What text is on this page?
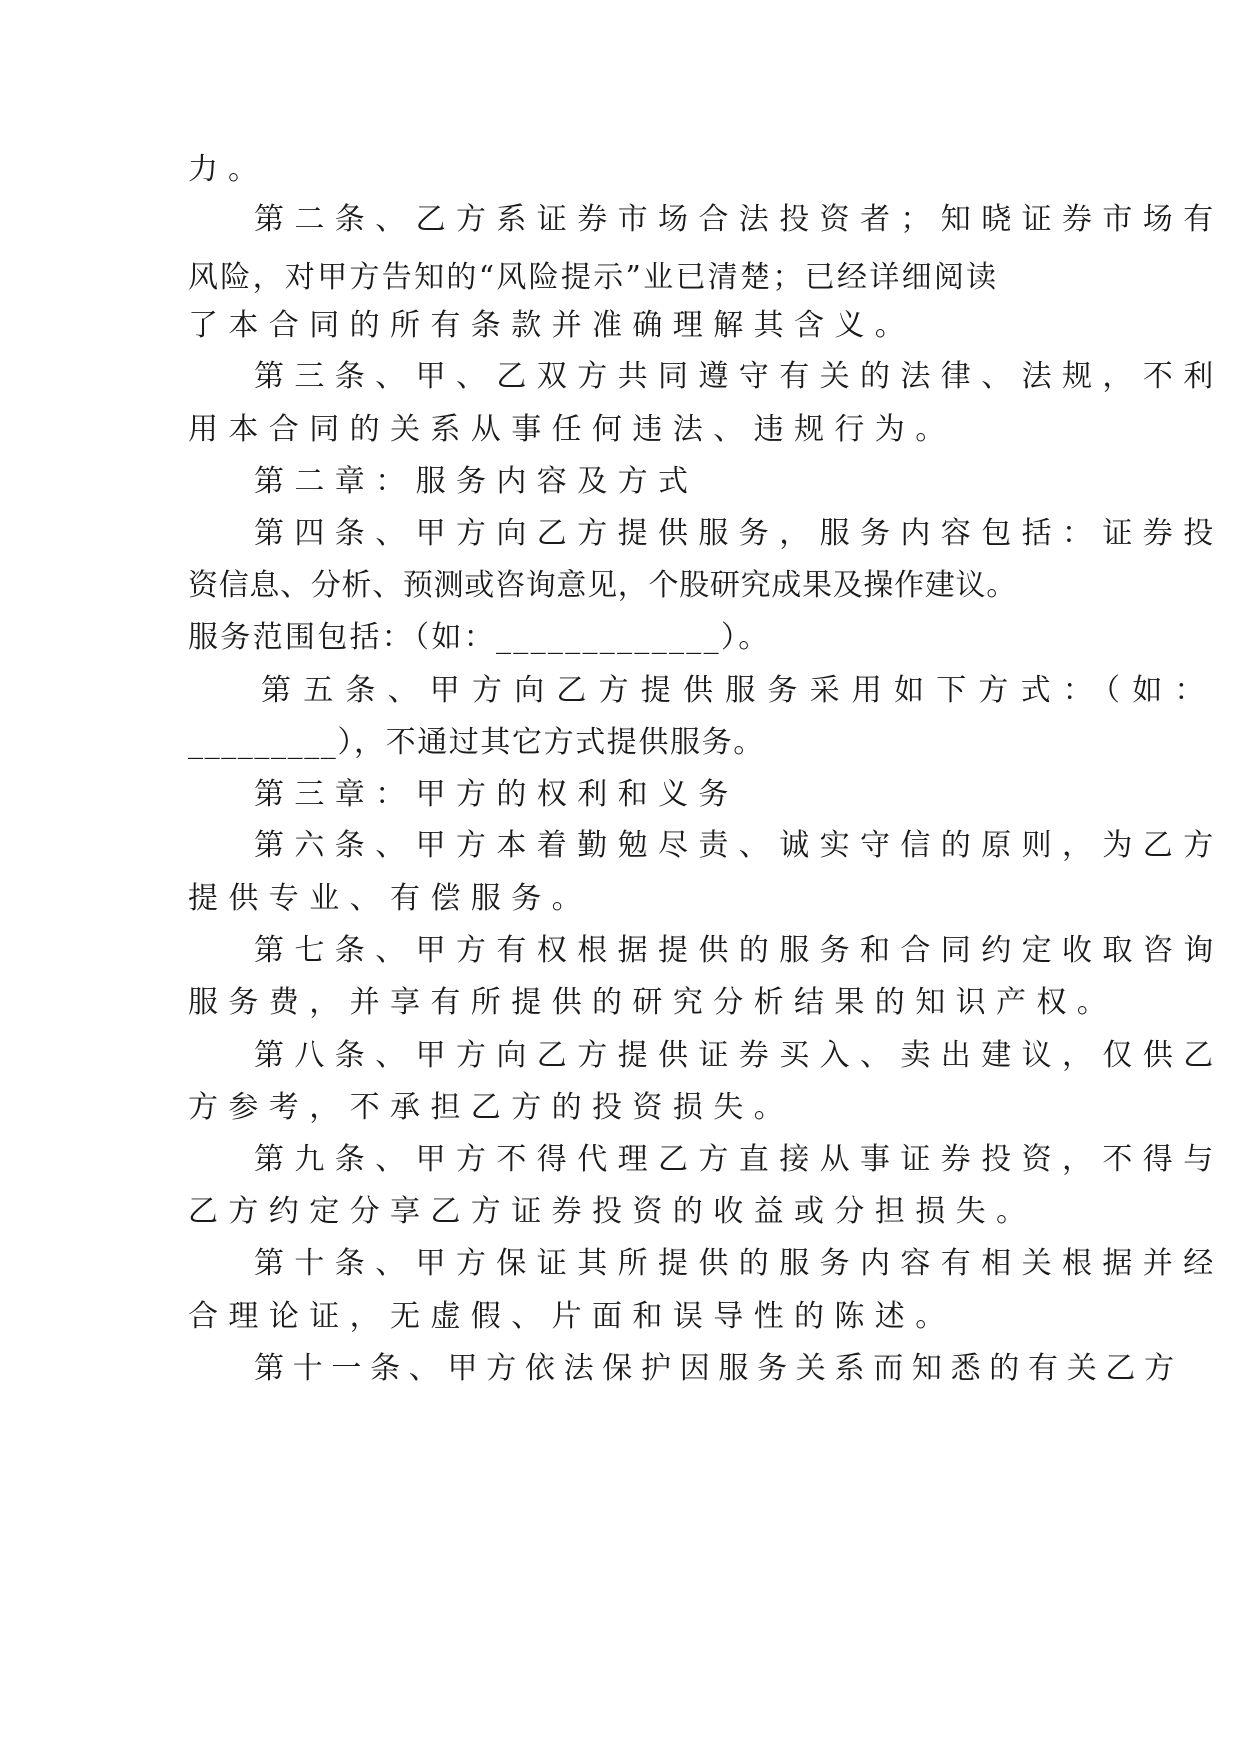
力。

第二条、乙方系证券市场合法投资者；知晓证券市场有

风险，对甲方告知的“风险提示”业已清楚；已经详细阅读

了本合同的所有条款并准确理解其含义。

第三条、甲、乙双方共同遵守有关的法律、法规，不利

用本合同的关系从事任何违法、违规行为。

第二章：服务内容及方式

第四条、甲方向乙方提供服务，服务内容包括：证券投

资信息、分析、预测或咨询意见，个股研究成果及操作建议。

服务范围包括：（如：_____________）。

第五条、甲方向乙方提供服务采用如下方式：（如：

_________），不通过其它方式提供服务。

第三章：甲方的权利和义务

第六条、甲方本着勤勉尽责、诚实守信的原则，为乙方

提供专业、有偿服务。

第七条、甲方有权根据提供的服务和合同约定收取咨询

服务费，并享有所提供的研究分析结果的知识产权。

第八条、甲方向乙方提供证券买入、卖出建议，仅供乙

方参考，不承担乙方的投资损失。

第九条、甲方不得代理乙方直接从事证券投资，不得与

乙方约定分享乙方证券投资的收益或分担损失。

第十条、甲方保证其所提供的服务内容有相关根据并经

合理论证，无虚假、片面和误导性的陈述。

第十一条、甲方依法保护因服务关系而知悉的有关乙方
